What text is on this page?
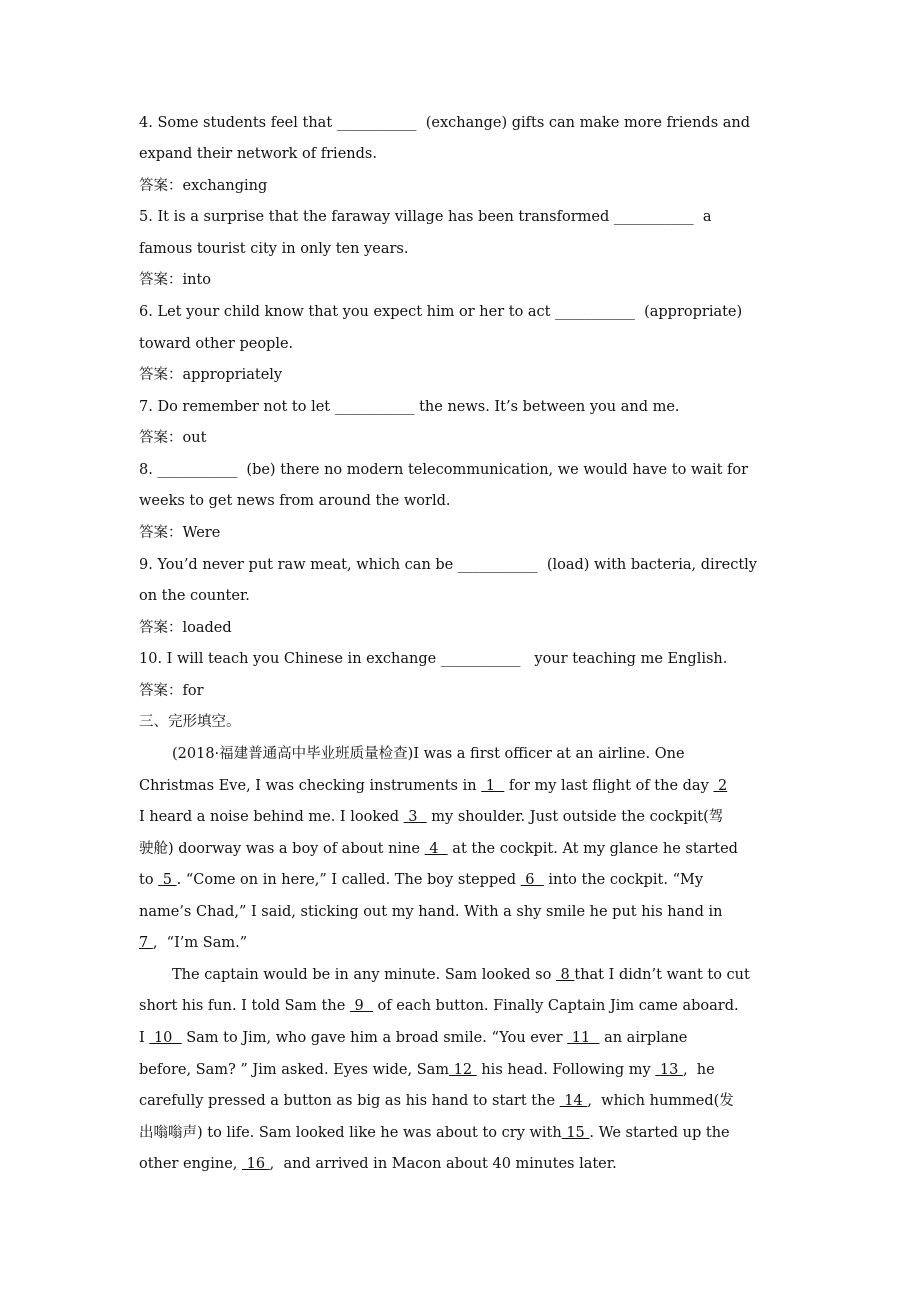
4. Some students feel that ___________  (exchange) gifts can make more friends and
expand their network of friends.
答案：exchanging
5. It is a surprise that the faraway village has been transformed ___________  a
famous tourist city in only ten years.
答案：into
6. Let your child know that you expect him or her to act ___________  (appropriate)
toward other people.
答案：appropriately
7. Do remember not to let ___________ the news. It’s between you and me.
答案：out
8. ___________  (be) there no modern telecommunication, we would have to wait for
weeks to get news from around the world.
答案：Were
9. You’d never put raw meat, which can be ___________  (load) with bacteria, directly
on the counter.
答案：loaded
10. I will teach you Chinese in exchange ___________   your teaching me English.
答案：for
三、完形填空。
(2018·福建普通高中毕业班质量检查)I was a first officer at an airline. One
Christmas Eve, I was checking instruments in  1   for my last flight of the day  2
I heard a noise behind me. I looked  3   my shoulder. Just outside the cockpit(驾
驶舱) doorway was a boy of about nine  4   at the cockpit. At my glance he started
to  5 . “Come on in here,” I called. The boy stepped  6   into the cockpit. “My
name’s Chad,” I said, sticking out my hand. With a shy smile he put his hand in
7 ,  “I’m Sam.”
The captain would be in any minute. Sam looked so  8 that I didn’t want to cut
short his fun. I told Sam the  9   of each button. Finally Captain Jim came aboard.
I  10   Sam to Jim, who gave him a broad smile. “You ever  11   an airplane
before, Sam? ” Jim asked. Eyes wide, Sam 12  his head. Following my  13 ,  he
carefully pressed a button as big as his hand to start the  14 ,  which hummed(发
出嗡嗡声) to life. Sam looked like he was about to cry with 15 . We started up the
other engine,  16 ,  and arrived in Macon about 40 minutes later.
